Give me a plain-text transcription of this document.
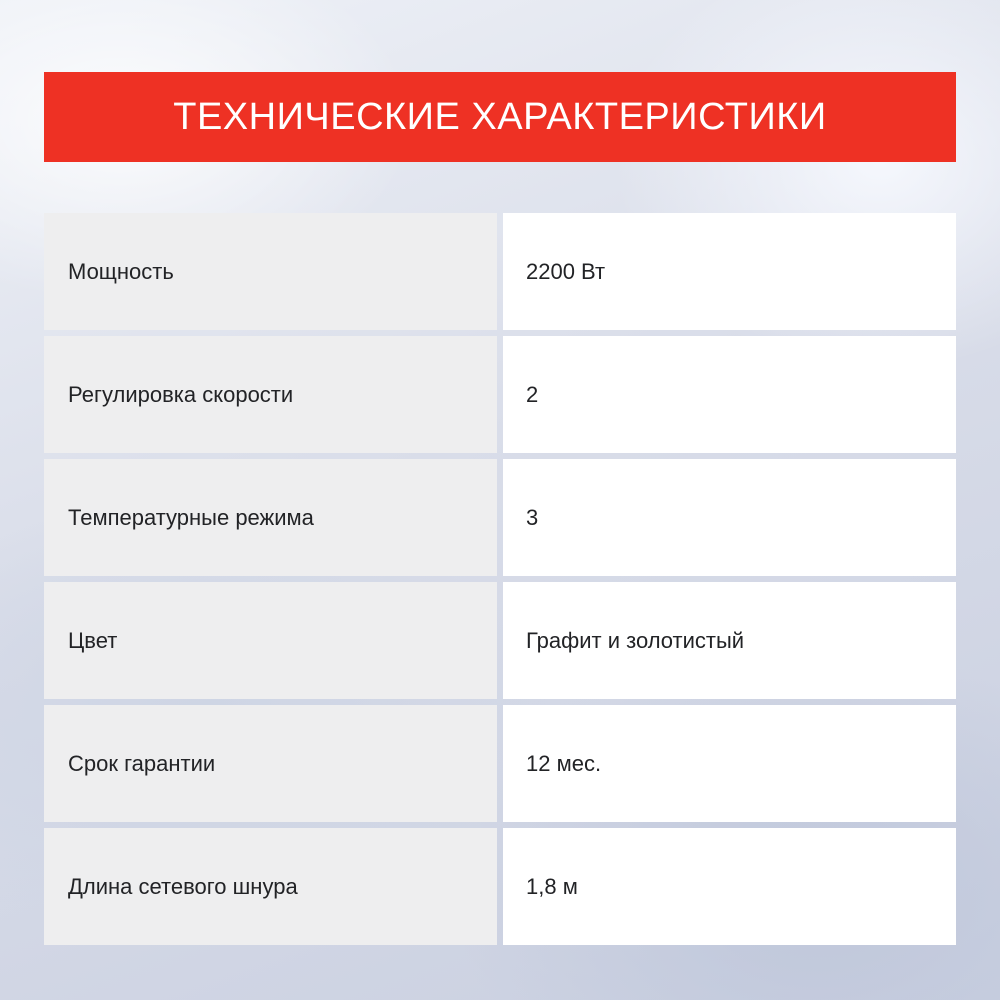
ТЕХНИЧЕСКИЕ ХАРАКТЕРИСТИКИ
Мощность	2200 Вт
Регулировка скорости	2
Температурные режима	3
Цвет	Графит и золотистый
Срок гарантии	12 мес.
Длина сетевого шнура	1,8 м
